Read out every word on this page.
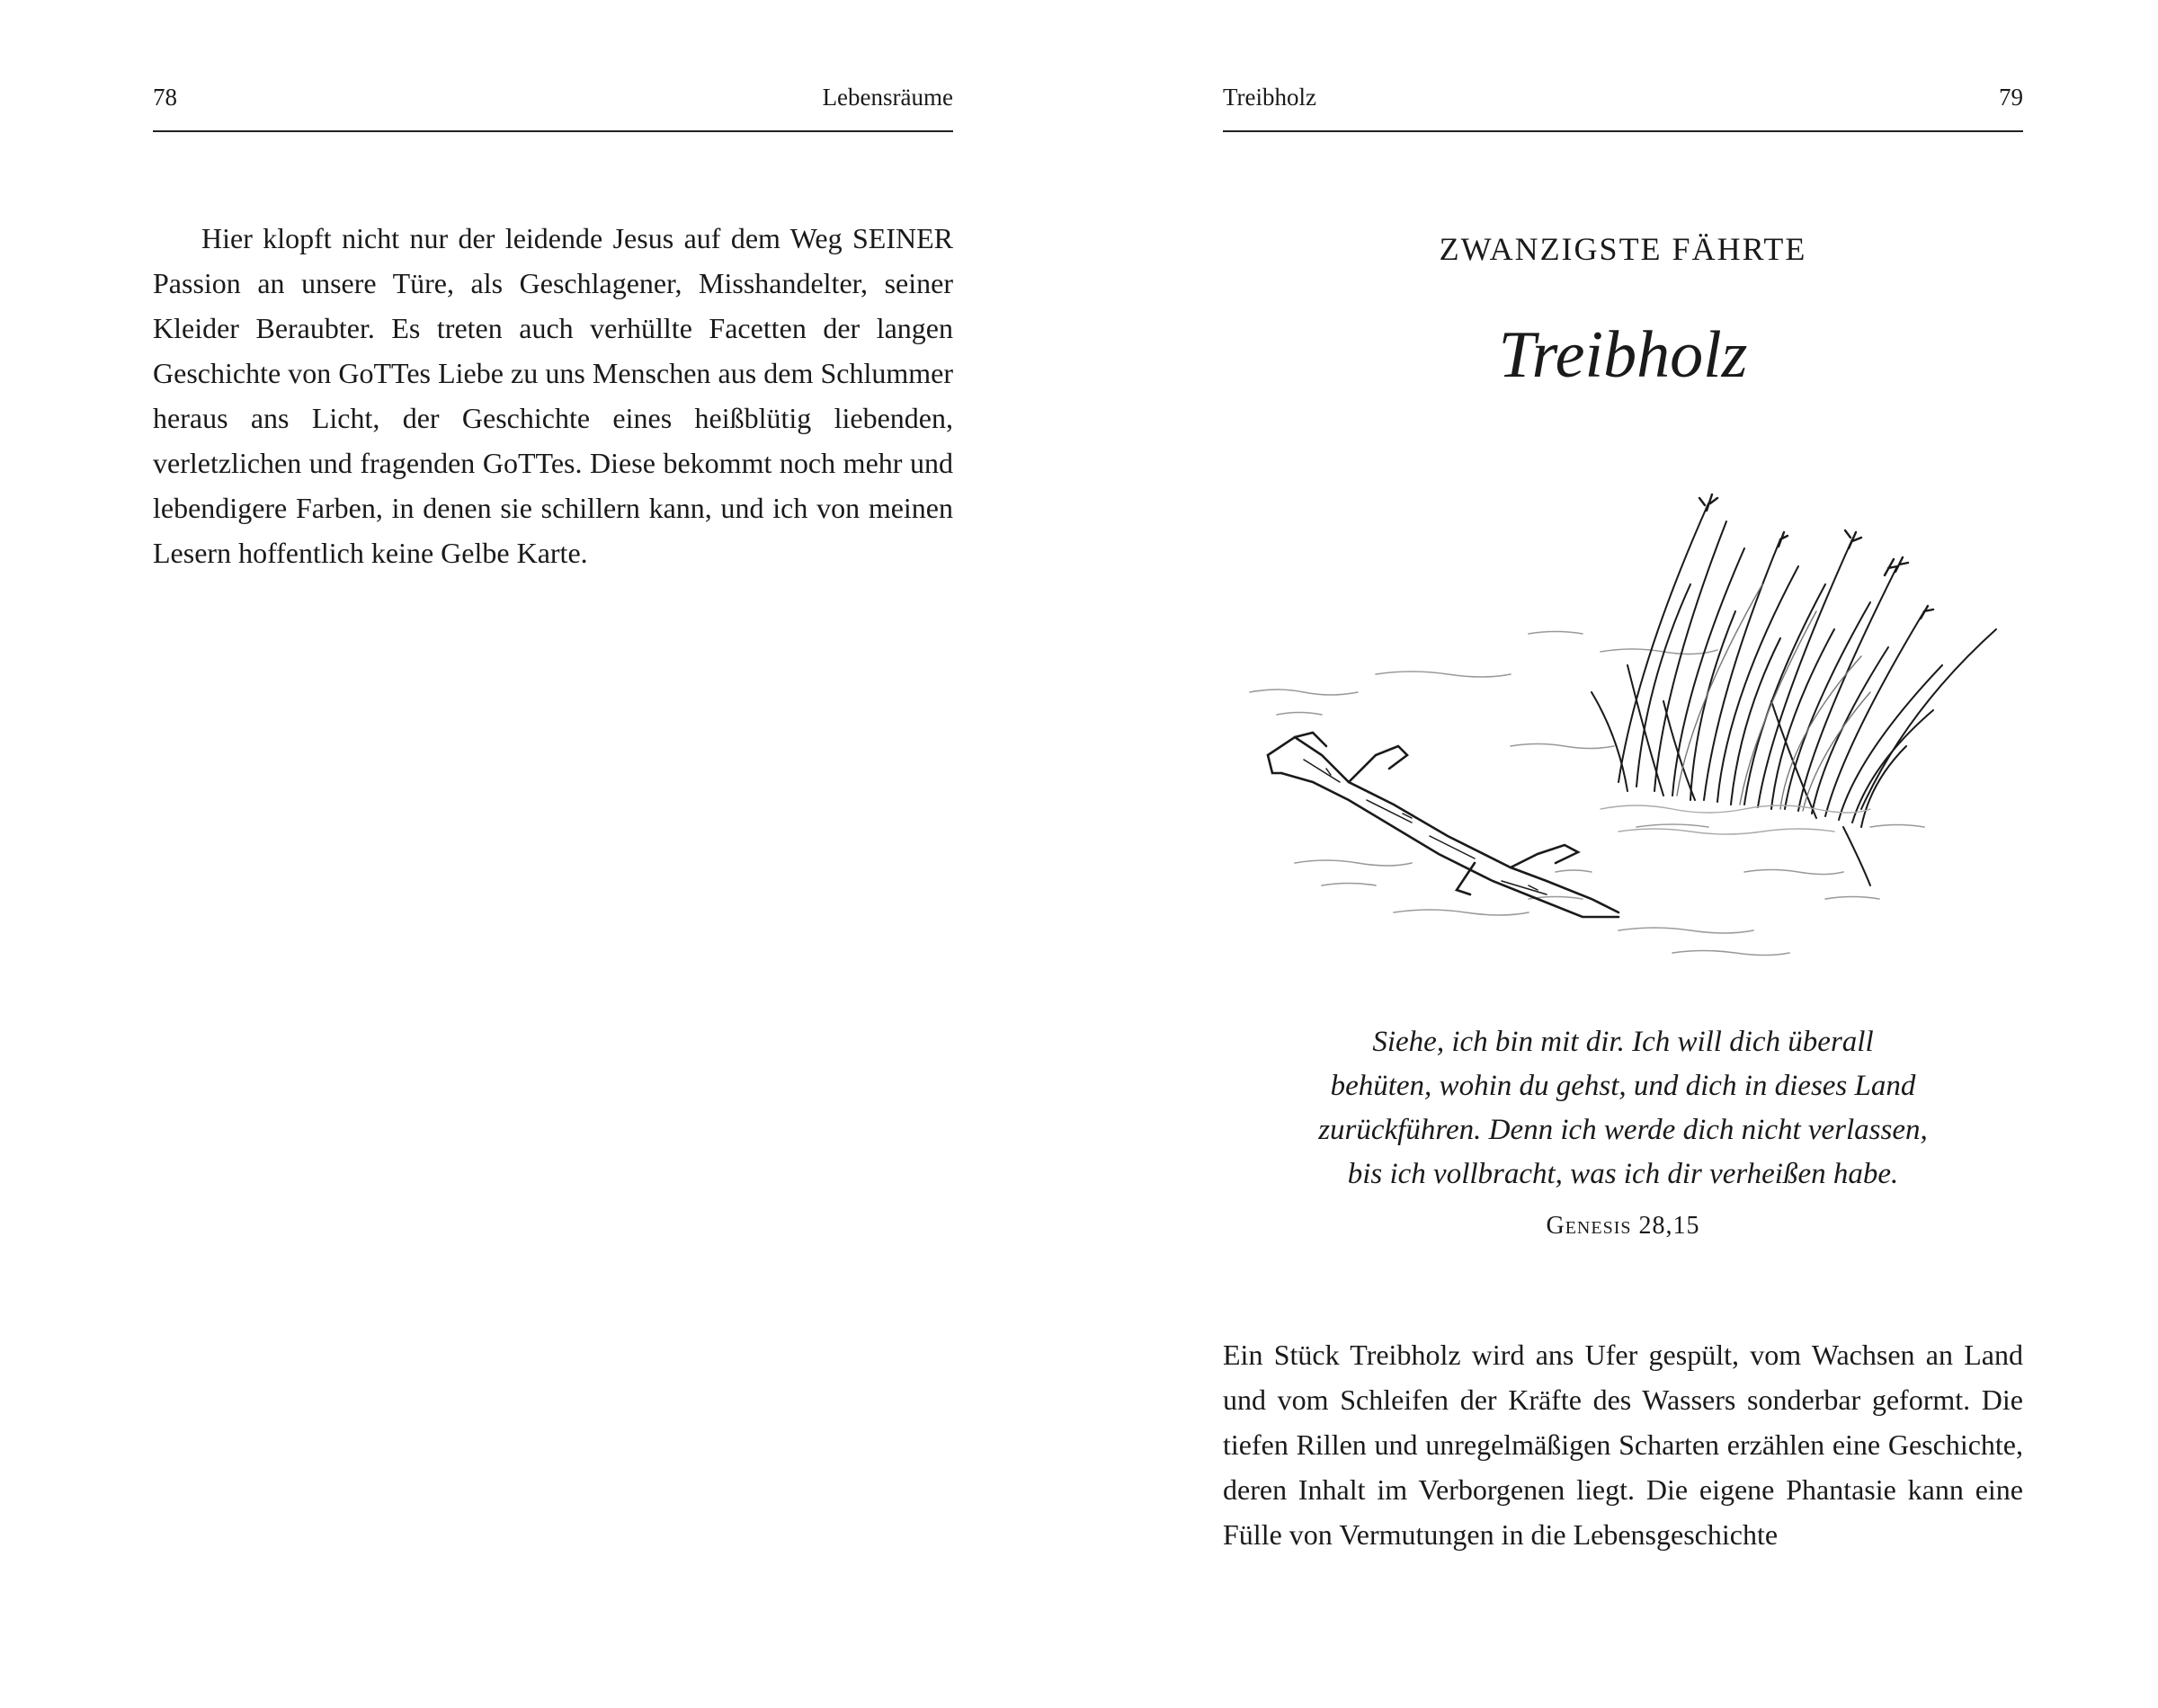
78	Lebensräume

Hier klopft nicht nur der leidende Jesus auf dem Weg SEINER Passion an unsere Türe, als Geschlagener, Misshandelter, seiner Kleider Beraubter. Es treten auch verhüllte Facetten der langen Geschichte von GoTTes Liebe zu uns Menschen aus dem Schlummer heraus ans Licht, der Geschichte eines heißblütig liebenden, verletzlichen und fragenden GoTTes. Diese bekommt noch mehr und lebendigere Farben, in denen sie schillern kann, und ich von meinen Lesern hoffentlich keine Gelbe Karte.

Treibholz	79
ZWANZIGSTE FÄHRTE
Treibholz
Siehe, ich bin mit dir. Ich will dich überall
behüten, wohin du gehst, und dich in dieses Land
zurückführen. Denn ich werde dich nicht verlassen,
bis ich vollbracht, was ich dir verheißen habe.
Genesis 28,15

Ein Stück Treibholz wird ans Ufer gespült, vom Wachsen an Land und vom Schleifen der Kräfte des Wassers sonderbar geformt. Die tiefen Rillen und unregelmäßigen Scharten erzählen eine Geschichte, deren Inhalt im Verborgenen liegt. Die eigene Phantasie kann eine Fülle von Vermutungen in die Lebensgeschichte
